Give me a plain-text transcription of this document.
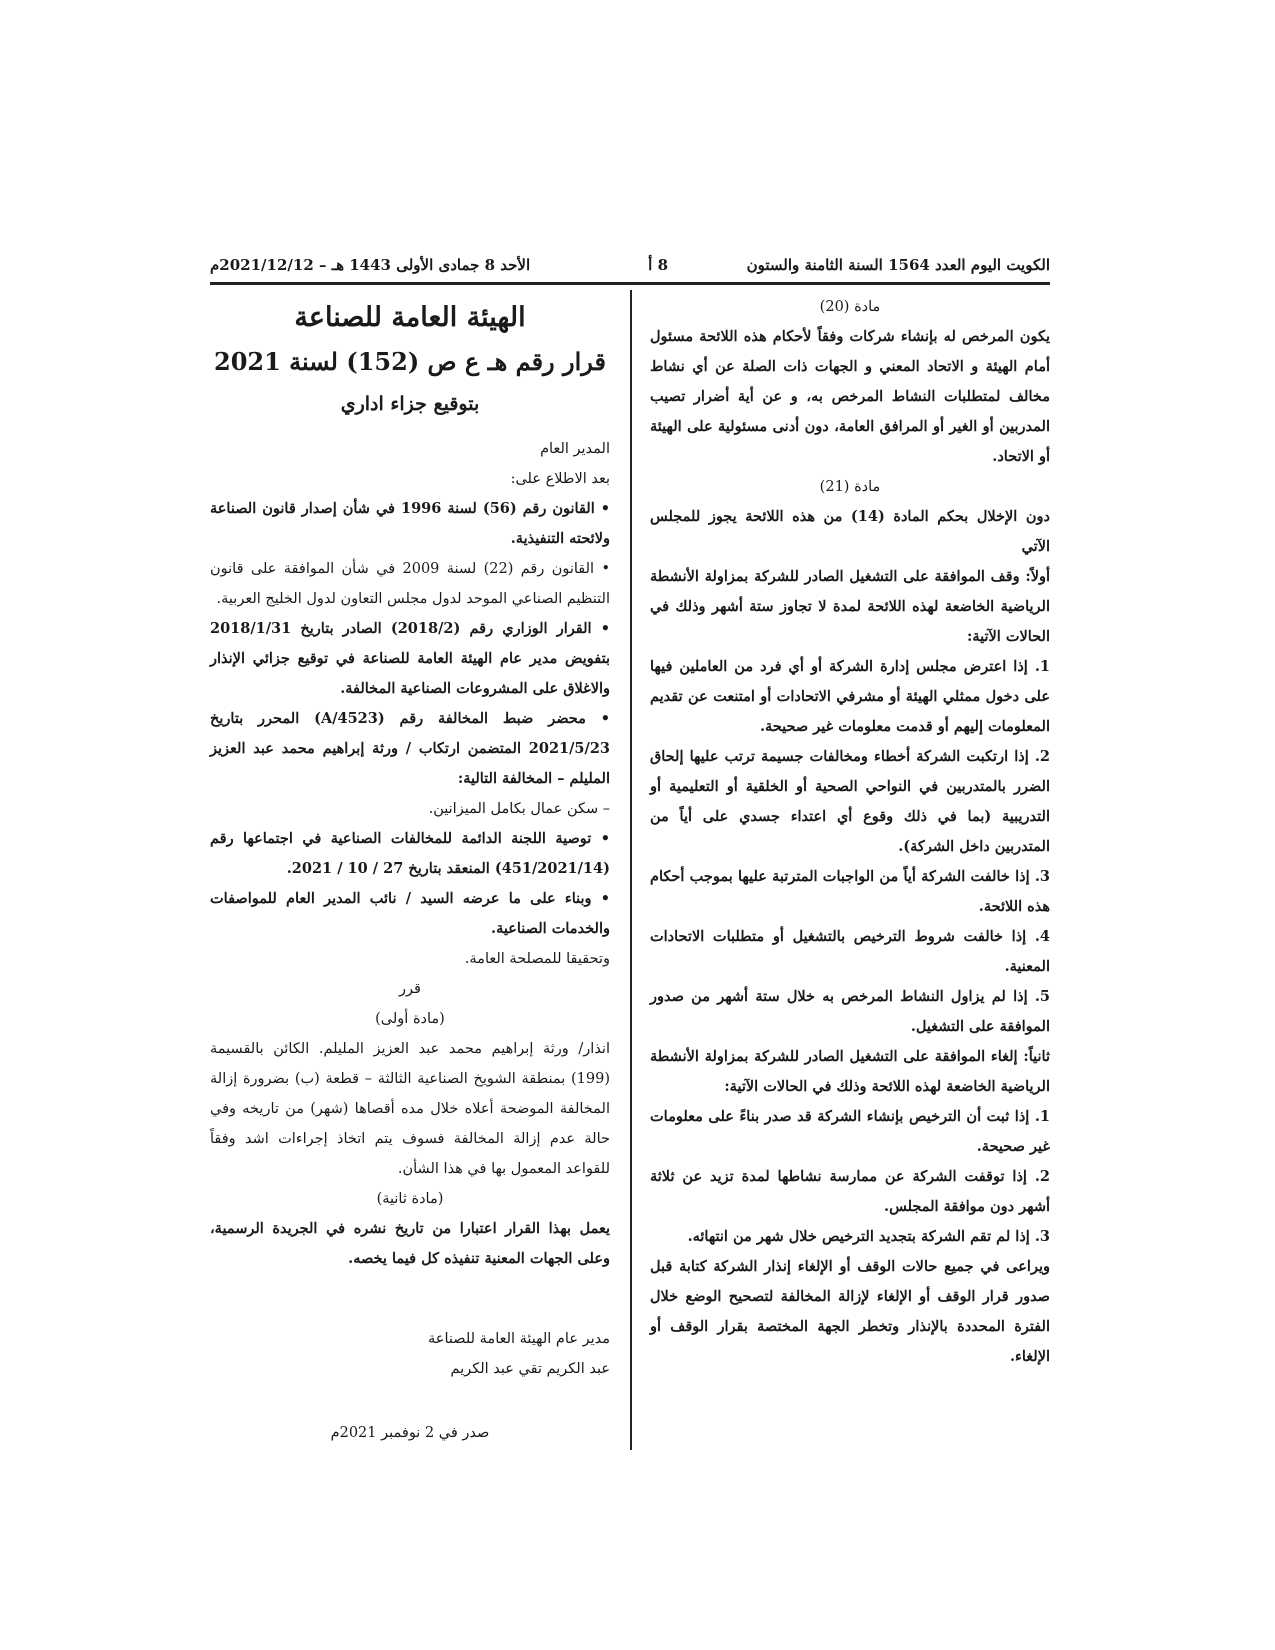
الكويت اليوم العدد 1564 السنة الثامنة والستون
8 أ
الأحد 8 جمادى الأولى 1443 هـ – 2021/12/12م

مادة (20)

يكون المرخص له بإنشاء شركات وفقاً لأحكام هذه اللائحة مسئول أمام الهيئة و الاتحاد المعني و الجهات ذات الصلة عن أي نشاط مخالف لمتطلبات النشاط المرخص به، و عن أية أضرار تصيب المدربين أو الغير أو المرافق العامة، دون أدنى مسئولية على الهيئة أو الاتحاد.

مادة (21)

دون الإخلال بحكم المادة (14) من هذه اللائحة يجوز للمجلس الآتي

أولاً: وقف الموافقة على التشغيل الصادر للشركة بمزاولة الأنشطة الرياضية الخاضعة لهذه اللائحة لمدة لا تجاوز ستة أشهر وذلك في الحالات الآتية:

1. إذا اعترض مجلس إدارة الشركة أو أي فرد من العاملين فيها على دخول ممثلي الهيئة أو مشرفي الاتحادات أو امتنعت عن تقديم المعلومات إليهم أو قدمت معلومات غير صحيحة.

2. إذا ارتكبت الشركة أخطاء ومخالفات جسيمة ترتب عليها إلحاق الضرر بالمتدربين في النواحي الصحية أو الخلقية أو التعليمية أو التدريبية (بما في ذلك وقوع أي اعتداء جسدي على أياً من المتدربين داخل الشركة).

3. إذا خالفت الشركة أياً من الواجبات المترتبة عليها بموجب أحكام هذه اللائحة.

4. إذا خالفت شروط الترخيص بالتشغيل أو متطلبات الاتحادات المعنية.

5. إذا لم يزاول النشاط المرخص به خلال ستة أشهر من صدور الموافقة على التشغيل.

ثانياً: إلغاء الموافقة على التشغيل الصادر للشركة بمزاولة الأنشطة الرياضية الخاضعة لهذه اللائحة وذلك في الحالات الآتية:

1. إذا ثبت أن الترخيص بإنشاء الشركة قد صدر بناءً على معلومات غير صحيحة.

2. إذا توقفت الشركة عن ممارسة نشاطها لمدة تزيد عن ثلاثة أشهر دون موافقة المجلس.

3. إذا لم تقم الشركة بتجديد الترخيص خلال شهر من انتهائه.

ويراعى في جميع حالات الوقف أو الإلغاء إنذار الشركة كتابة قبل صدور قرار الوقف أو الإلغاء لإزالة المخالفة لتصحيح الوضع خلال الفترة المحددة بالإنذار وتخطر الجهة المختصة بقرار الوقف أو الإلغاء.

الهيئة العامة للصناعة

قرار رقم هـ ع ص (152) لسنة 2021

بتوقيع جزاء اداري

المدير العام

بعد الاطلاع على:

• القانون رقم (56) لسنة 1996 في شأن إصدار قانون الصناعة ولائحته التنفيذية.

• القانون رقم (22) لسنة 2009 في شأن الموافقة على قانون التنظيم الصناعي الموحد لدول مجلس التعاون لدول الخليج العربية.

• القرار الوزاري رقم (2018/2) الصادر بتاريخ 2018/1/31 بتفويض مدير عام الهيئة العامة للصناعة في توقيع جزائي الإنذار والاغلاق على المشروعات الصناعية المخالفة.

• محضر ضبط المخالفة رقم (4523/A) المحرر بتاريخ 2021/5/23 المتضمن ارتكاب / ورثة إبراهيم محمد عبد العزيز المليلم – المخالفة التالية:

– سكن عمال بكامل الميزانين.

• توصية اللجنة الدائمة للمخالفات الصناعية في اجتماعها رقم (451/2021/14) المنعقد بتاريخ 27 / 10 / 2021.

• وبناء على ما عرضه السيد / نائب المدير العام للمواصفات والخدمات الصناعية.

وتحقيقا للمصلحة العامة.

قرر

(مادة أولى)

انذار/ ورثة إبراهيم محمد عبد العزيز المليلم. الكائن بالقسيمة (199) بمنطقة الشويخ الصناعية الثالثة – قطعة (ب) بضرورة إزالة المخالفة الموضحة أعلاه خلال مده أقصاها (شهر) من تاريخه وفي حالة عدم إزالة المخالفة فسوف يتم اتخاذ إجراءات اشد وفقاً للقواعد المعمول بها في هذا الشأن.

(مادة ثانية)

يعمل بهذا القرار اعتبارا من تاريخ نشره في الجريدة الرسمية، وعلى الجهات المعنية تنفيذه كل فيما يخصه.

مدير عام الهيئة العامة للصناعة

عبد الكريم تقي عبد الكريم

صدر في 2 نوفمبر 2021م
